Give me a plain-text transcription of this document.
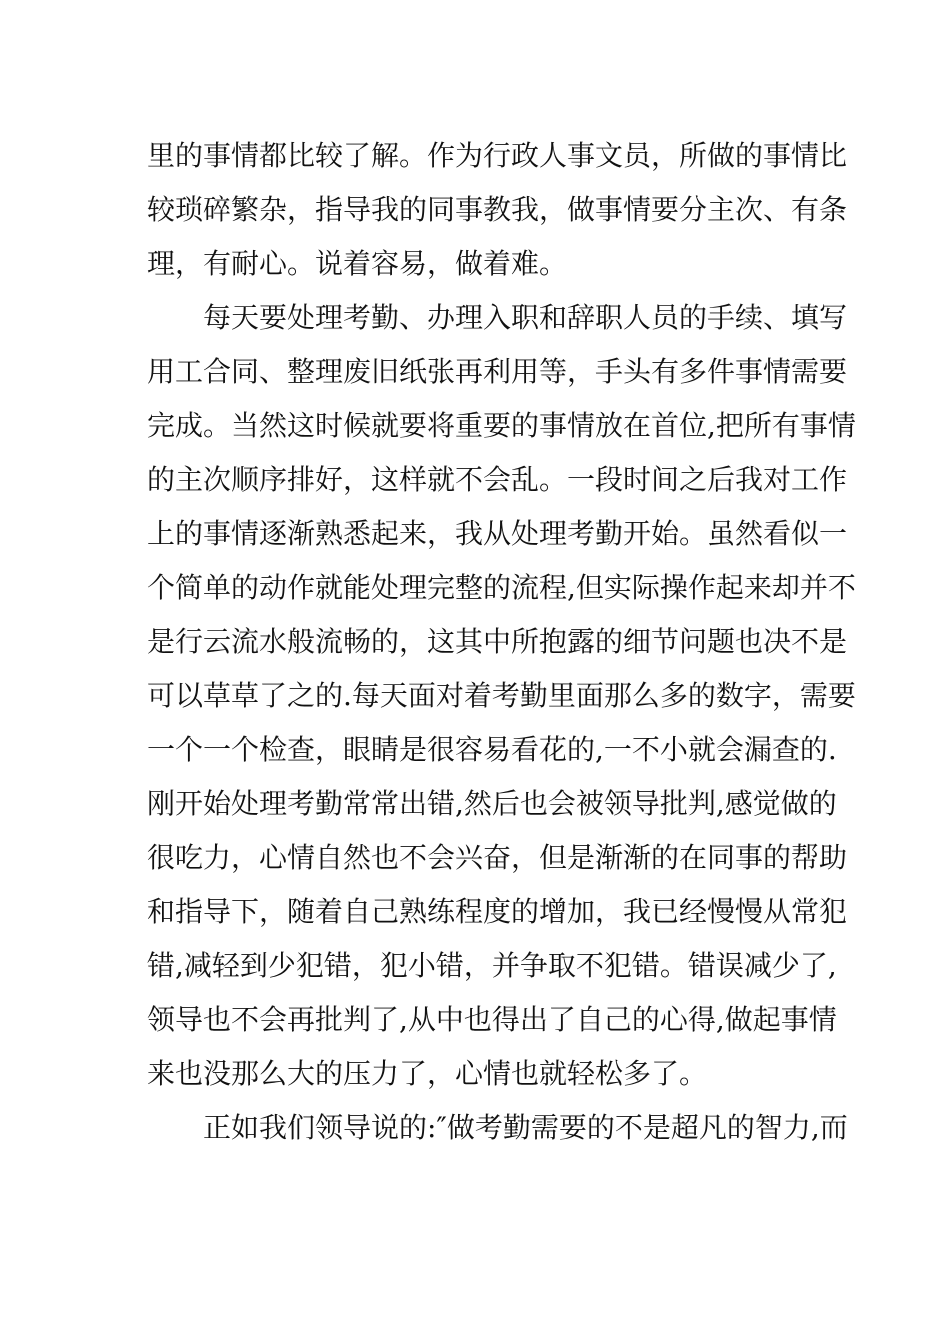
里的事情都比较了解。作为行政人事文员，所做的事情比
较琐碎繁杂，指导我的同事教我，做事情要分主次、有条
理，有耐心。说着容易，做着难。
每天要处理考勤、办理入职和辞职人员的手续、填写
用工合同、整理废旧纸张再利用等，手头有多件事情需要
完成。当然这时候就要将重要的事情放在首位,把所有事情
的主次顺序排好，这样就不会乱。一段时间之后我对工作
上的事情逐渐熟悉起来，我从处理考勤开始。虽然看似一
个简单的动作就能处理完整的流程,但实际操作起来却并不
是行云流水般流畅的，这其中所抱露的细节问题也决不是
可以草草了之的.每天面对着考勤里面那么多的数字，需要
一个一个检查，眼睛是很容易看花的,一不小就会漏查的.
刚开始处理考勤常常出错,然后也会被领导批判,感觉做的
很吃力，心情自然也不会兴奋，但是渐渐的在同事的帮助
和指导下，随着自己熟练程度的增加，我已经慢慢从常犯
错,减轻到少犯错，犯小错，并争取不犯错。错误减少了,
领导也不会再批判了,从中也得出了自己的心得,做起事情
来也没那么大的压力了，心情也就轻松多了。
正如我们领导说的:″做考勤需要的不是超凡的智力,而
